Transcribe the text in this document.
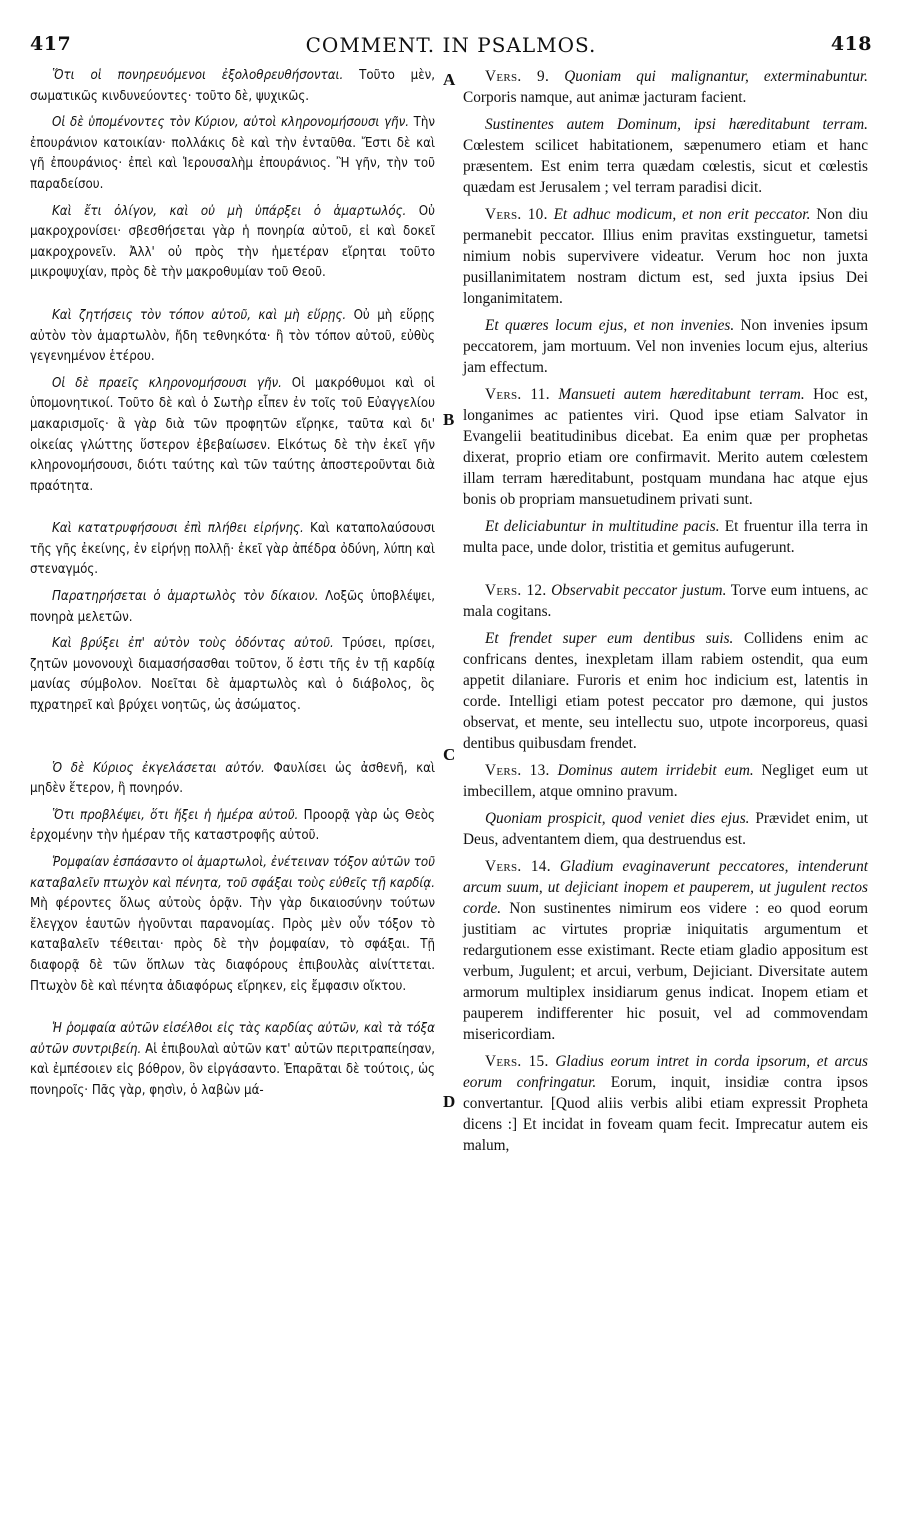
417	COMMENT. IN PSALMOS.	418
A
B
C
D

Ὅτι οἱ πονηρευόμενοι ἐξολοθρευθήσονται. Τοῦτο μὲν, σωματικῶς κινδυνεύοντες· τοῦτο δὲ, ψυχικῶς.

Οἱ δὲ ὑπομένοντες τὸν Κύριον, αὐτοὶ κληρονομήσουσι γῆν. Τὴν ἐπουράνιον κατοικίαν· πολλάκις δὲ καὶ τὴν ἐνταῦθα. Ἔστι δὲ καὶ γῆ ἐπουράνιος· ἐπεὶ καὶ Ἱερουσαλὴμ ἐπουράνιος. Ἢ γῆν, τὴν τοῦ παραδείσου.

Καὶ ἔτι ὀλίγον, καὶ οὐ μὴ ὑπάρξει ὁ ἁμαρτωλός. Οὐ μακροχρονίσει· σβεσθήσεται γὰρ ἡ πονηρία αὐτοῦ, εἰ καὶ δοκεῖ μακροχρονεῖν. Ἀλλ' οὐ πρὸς τὴν ἡμετέραν εἴρηται τοῦτο μικροψυχίαν, πρὸς δὲ τὴν μακροθυμίαν τοῦ Θεοῦ.

Καὶ ζητήσεις τὸν τόπον αὐτοῦ, καὶ μὴ εὕρῃς. Οὐ μὴ εὕρῃς αὐτὸν τὸν ἁμαρτωλὸν, ἤδη τεθνηκότα· ἢ τὸν τόπον αὐτοῦ, εὐθὺς γεγενημένον ἑτέρου.

Οἱ δὲ πραεῖς κληρονομήσουσι γῆν. Οἱ μακρόθυμοι καὶ οἱ ὑπομονητικοί. Τοῦτο δὲ καὶ ὁ Σωτὴρ εἶπεν ἐν τοῖς τοῦ Εὐαγγελίου μακαρισμοῖς· ἃ γὰρ διὰ τῶν προφητῶν εἴρηκε, ταῦτα καὶ δι' οἰκείας γλώττης ὕστερον ἐβεβαίωσεν. Εἰκότως δὲ τὴν ἐκεῖ γῆν κληρονομήσουσι, διότι ταύτης καὶ τῶν ταύτης ἀποστεροῦνται διὰ πραότητα.

Καὶ κατατρυφήσουσι ἐπὶ πλήθει εἰρήνης. Καὶ καταπολαύσουσι τῆς γῆς ἐκείνης, ἐν εἰρήνῃ πολλῇ· ἐκεῖ γὰρ ἀπέδρα ὀδύνη, λύπη καὶ στεναγμός.

Παρατηρήσεται ὁ ἁμαρτωλὸς τὸν δίκαιον. Λοξῶς ὑποβλέψει, πονηρὰ μελετῶν.

Καὶ βρύξει ἐπ' αὐτὸν τοὺς ὀδόντας αὐτοῦ. Τρύσει, πρίσει, ζητῶν μονονουχὶ διαμασήσασθαι τοῦτον, ὅ ἐστι τῆς ἐν τῇ καρδίᾳ μανίας σύμβολον. Νοεῖται δὲ ἁμαρτωλὸς καὶ ὁ διάβολος, ὃς πχρατηρεῖ καὶ βρύχει νοητῶς, ὡς ἀσώματος.

Ὁ δὲ Κύριος ἐκγελάσεται αὐτόν. Φαυλίσει ὡς ἀσθενῆ, καὶ μηδὲν ἕτερον, ἢ πονηρόν.

Ὅτι προβλέψει, ὅτι ἥξει ἡ ἡμέρα αὐτοῦ. Προορᾷ γὰρ ὡς Θεὸς ἐρχομένην τὴν ἡμέραν τῆς καταστροφῆς αὐτοῦ.

Ῥομφαίαν ἐσπάσαντο οἱ ἁμαρτωλοὶ, ἐνέτειναν τόξον αὐτῶν τοῦ καταβαλεῖν πτωχὸν καὶ πένητα, τοῦ σφάξαι τοὺς εὐθεῖς τῇ καρδίᾳ. Μὴ φέροντες ὅλως αὐτοὺς ὁρᾷν. Τὴν γὰρ δικαιοσύνην τούτων ἔλεγχον ἑαυτῶν ἡγοῦνται παρανομίας. Πρὸς μὲν οὖν τόξον τὸ καταβαλεῖν τέθειται· πρὸς δὲ τὴν ῥομφαίαν, τὸ σφάξαι. Τῇ διαφορᾷ δὲ τῶν ὅπλων τὰς διαφόρους ἐπιβουλὰς αἰνίττεται. Πτωχὸν δὲ καὶ πένητα ἀδιαφόρως εἴρηκεν, εἰς ἔμφασιν οἴκτου.

Ἡ ῥομφαία αὐτῶν εἰσέλθοι εἰς τὰς καρδίας αὐτῶν, καὶ τὰ τόξα αὐτῶν συντριβείη. Αἱ ἐπιβουλαὶ αὐτῶν κατ' αὐτῶν περιτραπείησαν, καὶ ἐμπέσοιεν εἰς βόθρον, ὃν εἰργάσαντο. Ἐπαρᾶται δὲ τούτοις, ὡς πονηροῖς· Πᾶς γὰρ, φησὶν, ὁ λαβὼν μά-

Vers. 9. Quoniam qui malignantur, exterminabuntur. Corporis namque, aut animæ jacturam facient.

Sustinentes autem Dominum, ipsi hæreditabunt terram. Cœlestem scilicet habitationem, sæpenumero etiam et hanc præsentem. Est enim terra quædam cœlestis, sicut et cœlestis quædam est Jerusalem ; vel terram paradisi dicit.

Vers. 10. Et adhuc modicum, et non erit peccator. Non diu permanebit peccator. Illius enim pravitas exstinguetur, tametsi nimium nobis supervivere videatur. Verum hoc non juxta pusillanimitatem nostram dictum est, sed juxta ipsius Dei longanimitatem.

Et quæres locum ejus, et non invenies. Non invenies ipsum peccatorem, jam mortuum. Vel non invenies locum ejus, alterius jam effectum.

Vers. 11. Mansueti autem hæreditabunt terram. Hoc est, longanimes ac patientes viri. Quod ipse etiam Salvator in Evangelii beatitudinibus dicebat. Ea enim quæ per prophetas dixerat, proprio etiam ore confirmavit. Merito autem cœlestem illam terram hæreditabunt, postquam mundana hac atque ejus bonis ob propriam mansuetudinem privati sunt.

Et deliciabuntur in multitudine pacis. Et fruentur illa terra in multa pace, unde dolor, tristitia et gemitus aufugerunt.

Vers. 12. Observabit peccator justum. Torve eum intuens, ac mala cogitans.

Et frendet super eum dentibus suis. Collidens enim ac confricans dentes, inexpletam illam rabiem ostendit, qua eum appetit dilaniare. Furoris et enim hoc indicium est, latentis in corde. Intelligi etiam potest peccator pro dæmone, qui justos observat, et mente, seu intellectu suo, utpote incorporeus, quasi dentibus quibusdam frendet.

Vers. 13. Dominus autem irridebit eum. Negliget eum ut imbecillem, atque omnino pravum.

Quoniam prospicit, quod veniet dies ejus. Prævidet enim, ut Deus, adventantem diem, qua destruendus est.

Vers. 14. Gladium evaginaverunt peccatores, intenderunt arcum suum, ut dejiciant inopem et pauperem, ut jugulent rectos corde. Non sustinentes nimirum eos videre : eo quod eorum justitiam ac virtutes propriæ iniquitatis argumentum et redargutionem esse existimant. Recte etiam gladio appositum est verbum, Jugulent; et arcui, verbum, Dejiciant. Diversitate autem armorum multiplex insidiarum genus indicat. Inopem etiam et pauperem indifferenter hic posuit, vel ad commovendam misericordiam.

Vers. 15. Gladius eorum intret in corda ipsorum, et arcus eorum confringatur. Eorum, inquit, insidiæ contra ipsos convertantur. [Quod aliis verbis alibi etiam expressit Propheta dicens :] Et incidat in foveam quam fecit. Imprecatur autem eis malum,
